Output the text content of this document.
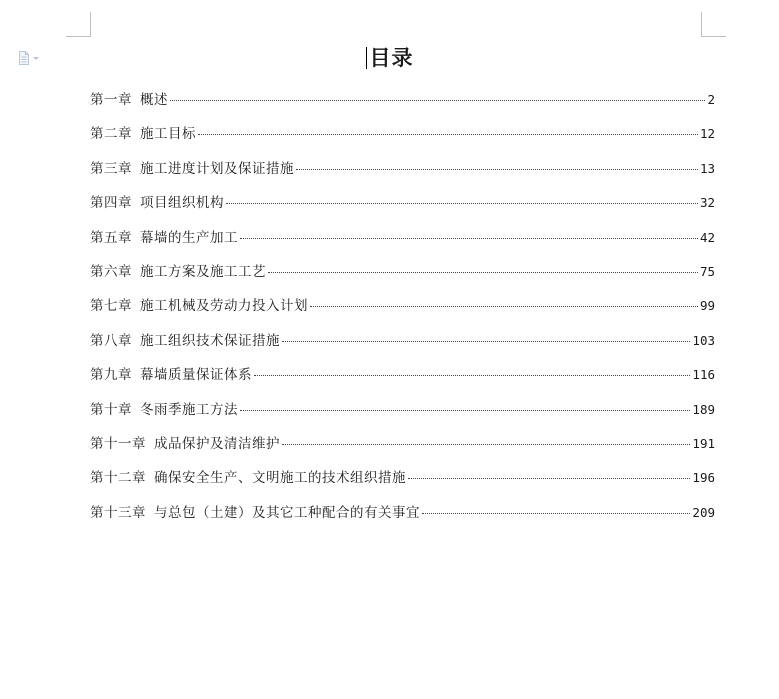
目录
第一章 概述	2
第二章 施工目标	12
第三章 施工进度计划及保证措施	13
第四章 项目组织机构	32
第五章 幕墙的生产加工	42
第六章 施工方案及施工工艺	75
第七章 施工机械及劳动力投入计划	99
第八章 施工组织技术保证措施	103
第九章 幕墙质量保证体系	116
第十章 冬雨季施工方法	189
第十一章 成品保护及清洁维护	191
第十二章 确保安全生产、文明施工的技术组织措施	196
第十三章 与总包（土建）及其它工种配合的有关事宜	209
